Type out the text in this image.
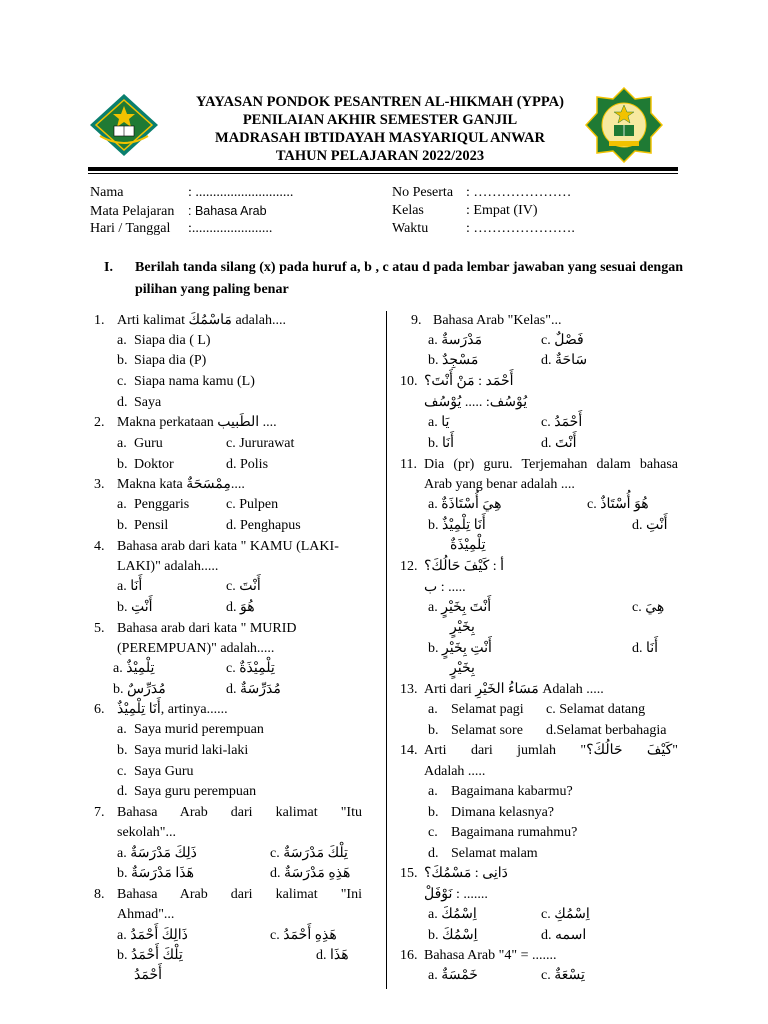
YAYASAN PONDOK PESANTREN AL-HIKMAH (YPPA)
PENILAIAN AKHIR SEMESTER GANJIL
MADRASAH IBTIDAYAH MASYARIQUL ANWAR
TAHUN PELAJARAN 2022/2023
Nama	: ............................
Mata Pelajaran : Bahasa Arab
Hari / Tanggal :.......................
No Peserta : …………………
Kelas	: Empat (IV)
Waktu	: ………………….
I. Berilah tanda silang (x) pada huruf a, b , c atau d pada lembar jawaban yang sesuai dengan pilihan yang paling benar
1. Arti kalimat ﻣَﺎﺳْﻤُﻚَ adalah....
a. Siapa dia ( L)
b. Siapa dia (P)
c. Siapa nama kamu (L)
d. Saya
2. Makna perkataan الطَبيب ....
a. Guru	c. Jururawat
b. Doktor	d. Polis
3. Makna kata مِمْسَحَةٌ....
a. Penggaris	c. Pulpen
b. Pensil	d. Penghapus
4. Bahasa arab dari kata " KAMU (LAKI-
LAKI)" adalah.....
a. أَنَا	c. أَنْتَ
b. أَنْتِ	d. هُوَ
5. Bahasa arab dari kata " MURID
(PEREMPUAN)" adalah.....
a. تِلْمِيْذٌ	c. تِلْمِيْذَةٌ
b. مُدَرِّسٌ	d. مُدَرِّسَةٌ
6. أَنَا تِلْمِيْذٌ, artinya......
a. Saya murid perempuan
b. Saya murid laki-laki
c. Saya Guru
d. Saya guru perempuan
7. Bahasa Arab dari kalimat "Itu
sekolah"...
a. ذَلِكَ مَدْرَسَةٌ	c. تِلْكَ مَدْرَسَةٌ
b. هَذَا مَدْرَسَةٌ	d. هَذِهِ مَدْرَسَةٌ
8. Bahasa Arab dari kalimat "Ini
Ahmad"...
a. ذَالِكَ أَحْمَدُ	c. هَذِهِ أَحْمَدُ
b. تِلْكَ أَحْمَدُ	d. هَذَا
أَحْمَدُ
9. Bahasa Arab "Kelas"...
a. مَدْرَسةٌ	c. فَصْلٌ
b. مَسْجِدٌ	d. سَاحَةٌ
10. أَحْمَد : مَنْ أَنْتَ؟
يُوْسُف: ..... يُوْسُف
a. يَا	c. أَحْمَدُ
b. أَنَا	d. أَنْتَ
11. Dia (pr) guru. Terjemahan dalam bahasa
Arab yang benar adalah ....
a. هِيَ أُسْتَاذَةٌ	c. هُوَ أُسْتَاذٌ
b. أَنَا تِلْمِيْذٌ	d. أَنْتِ
تِلْمِيْذَةٌ
12. أ : كَيْفَ حَالُكَ؟
ب : .....
a. أَنْتَ بِخَيْرٍ	c. هِيَ
بِخَيْرٍ
b. أَنْتِ بِخَيْرٍ	d. أَنَا
بِخَيْرٍ
13. Arti dari مَسَاءُ الخَيْرِ Adalah .....
a. Selamat pagi c. Selamat datang
b. Selamat sore d.Selamat berbahagia
14. Arti dari jumlah "كَيْفَ حَالُكَ؟"
Adalah .....
a. Bagaimana kabarmu?
b. Dimana kelasnya?
c. Bagaimana rumahmu?
d. Selamat malam
15. دَانِى : مَسْمُكَ؟
نَوْفَلْ : .......
a. اِسْمُكَ	c. اِسْمُكِ
b. اِسْمُكَ	d. اسمه
16. Bahasa Arab "4" = .......
a. خَمْسَةٌ	c. تِسْعَةٌ
